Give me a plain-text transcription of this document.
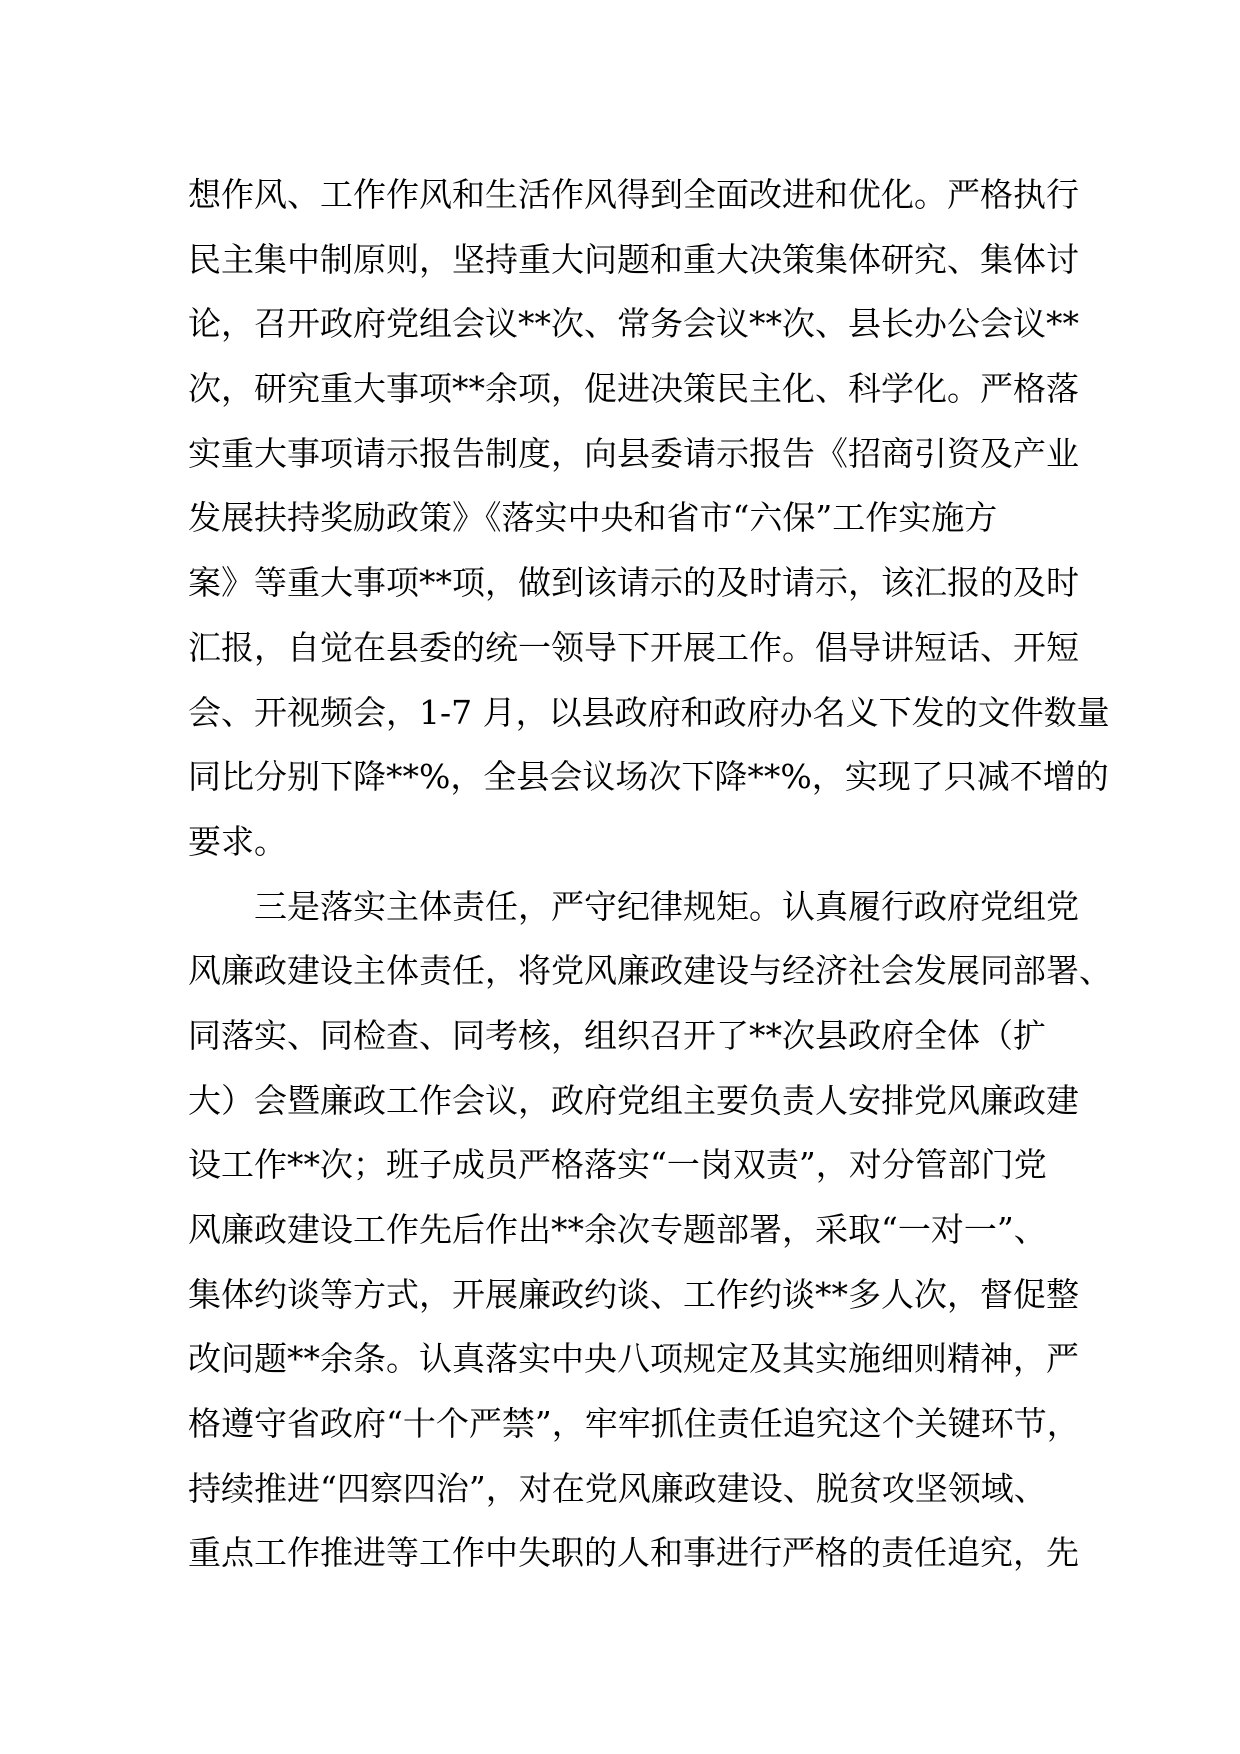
想作风、工作作风和生活作风得到全面改进和优化。严格执行
民主集中制原则，坚持重大问题和重大决策集体研究、集体讨
论，召开政府党组会议**次、常务会议**次、县长办公会议**
次，研究重大事项**余项，促进决策民主化、科学化。严格落
实重大事项请示报告制度，向县委请示报告《招商引资及产业
发展扶持奖励政策》《落实中央和省市“六保”工作实施方
案》等重大事项**项，做到该请示的及时请示，该汇报的及时
汇报，自觉在县委的统一领导下开展工作。倡导讲短话、开短
会、开视频会，1-7 月，以县政府和政府办名义下发的文件数量
同比分别下降**%，全县会议场次下降**%，实现了只减不增的
要求。
三是落实主体责任，严守纪律规矩。认真履行政府党组党
风廉政建设主体责任，将党风廉政建设与经济社会发展同部署、
同落实、同检查、同考核，组织召开了**次县政府全体（扩
大）会暨廉政工作会议，政府党组主要负责人安排党风廉政建
设工作**次；班子成员严格落实“一岗双责”，对分管部门党
风廉政建设工作先后作出**余次专题部署，采取“一对一”、
集体约谈等方式，开展廉政约谈、工作约谈**多人次，督促整
改问题**余条。认真落实中央八项规定及其实施细则精神，严
格遵守省政府“十个严禁”，牢牢抓住责任追究这个关键环节，
持续推进“四察四治”，对在党风廉政建设、脱贫攻坚领域、
重点工作推进等工作中失职的人和事进行严格的责任追究，先
